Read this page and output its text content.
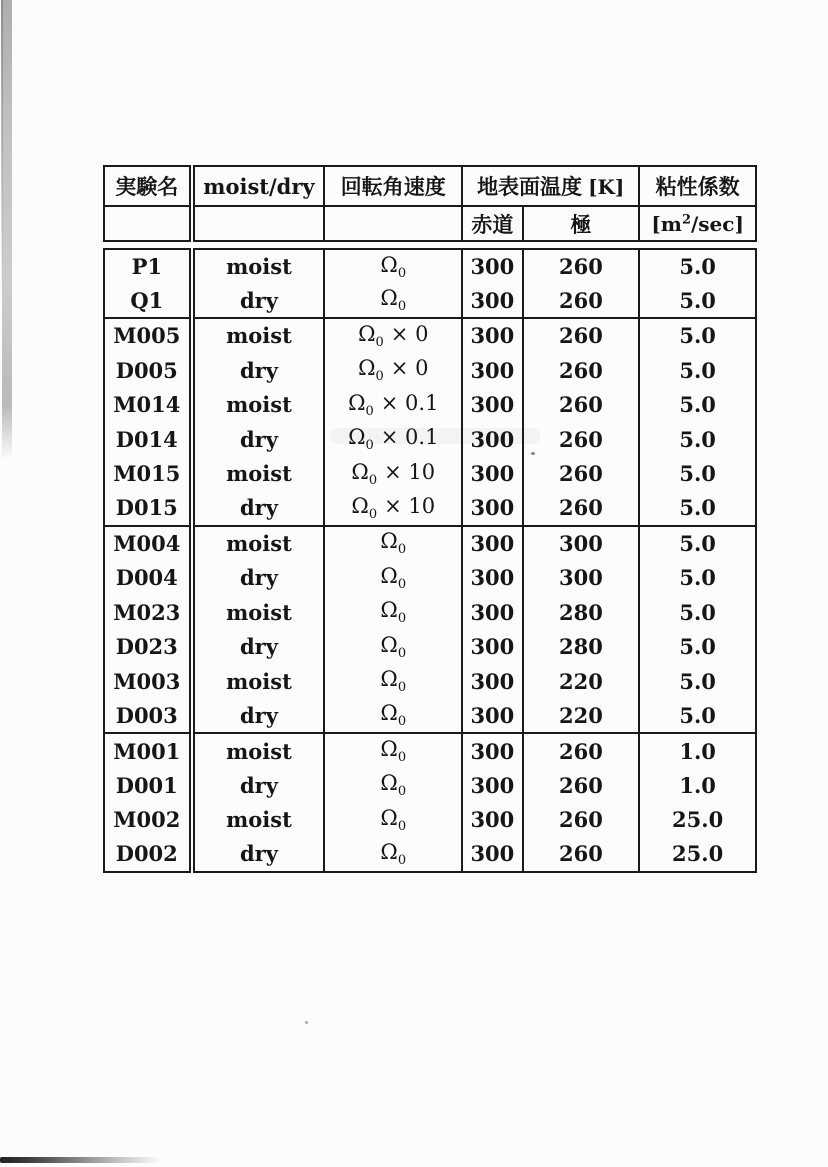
実験名	moist/dry	回転角速度	地表面温度 [K]		粘性係数
			赤道	極	$[m^2/\sec]$
P1	moist	$\Omega_0$	300	260	5.0
Q1	dry	$\Omega_0$	300	260	5.0
M005	moist	$\Omega_0 \times 0$	300	260	5.0
D005	dry	$\Omega_0 \times 0$	300	260	5.0
M014	moist	$\Omega_0 \times 0.1$	300	260	5.0
D014	dry	$\Omega_0 \times 0.1$	300	260	5.0
M015	moist	$\Omega_0 \times 10$	300	260	5.0
D015	dry	$\Omega_0 \times 10$	300	260	5.0
M004	moist	$\Omega_0$	300	300	5.0
D004	dry	$\Omega_0$	300	300	5.0
M023	moist	$\Omega_0$	300	280	5.0
D023	dry	$\Omega_0$	300	280	5.0
M003	moist	$\Omega_0$	300	220	5.0
D003	dry	$\Omega_0$	300	220	5.0
M001	moist	$\Omega_0$	300	260	1.0
D001	dry	$\Omega_0$	300	260	1.0
M002	moist	$\Omega_0$	300	260	25.0
D002	dry	$\Omega_0$	300	260	25.0
